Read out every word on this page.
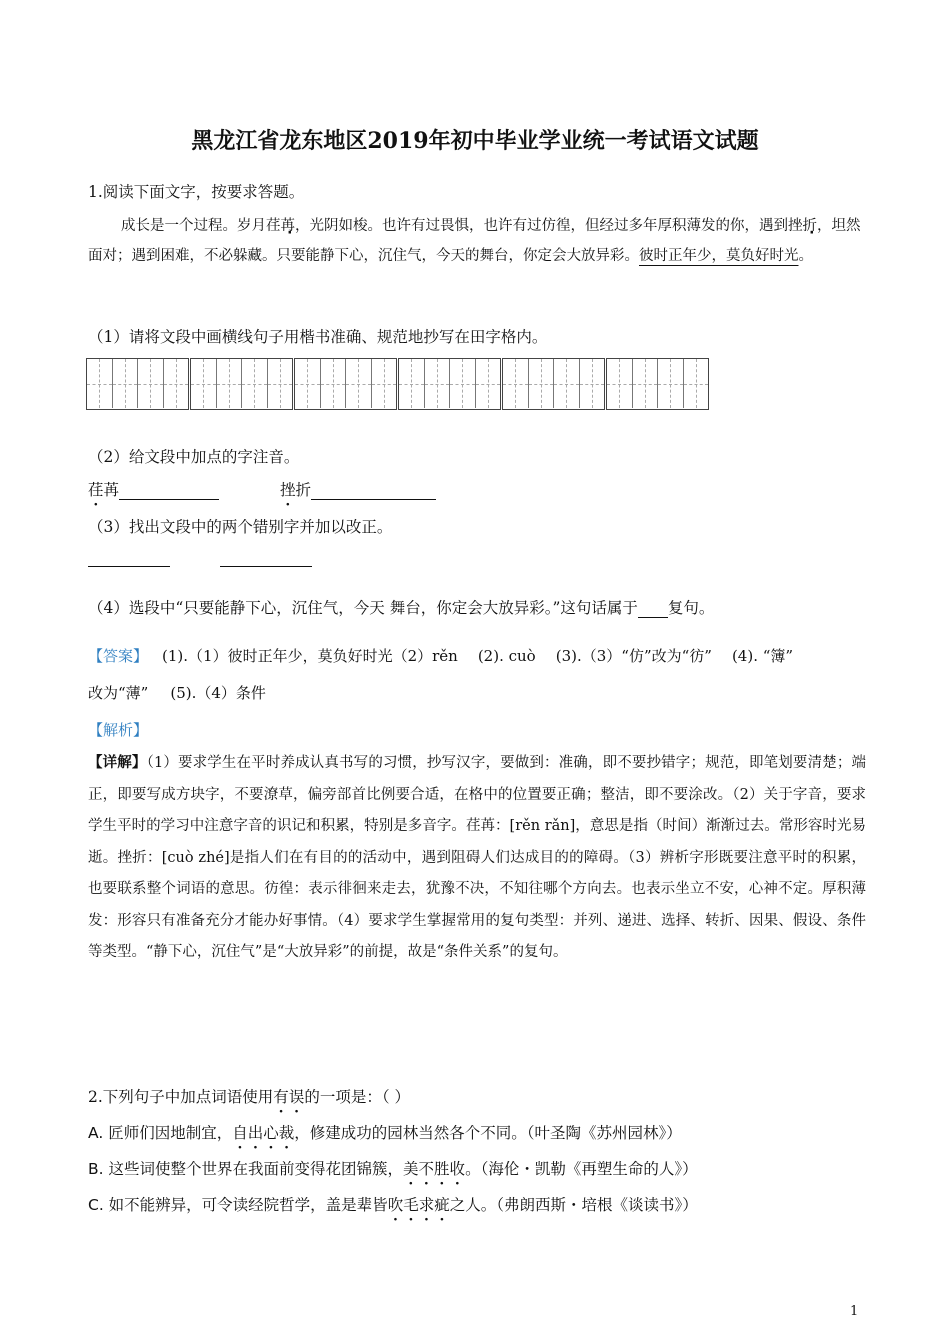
黑龙江省龙东地区2019年初中毕业学业统一考试语文试题
1.阅读下面文字，按要求答题。
成长是一个过程。岁月荏苒，光阴如梭。也许有过畏惧，也许有过仿徨，但经过多年厚积薄发的你，遇到挫折，坦然面对；遇到困难，不必躲藏。只要能静下心，沉住气，今天的舞台，你定会大放异彩。彼时正年少，莫负好时光。
（1）请将文段中画横线句子用楷书准确、规范地抄写在田字格内。
（2）给文段中加点的字注音。
荏苒	挫折
（3）找出文段中的两个错别字并加以改正。
（4）选段中“只要能静下心，沉住气，今天 舞台，你定会大放异彩。”这句话属于 复句。
【答案】 (1).（1）彼时正年少，莫负好时光（2）rěn (2). cuò (3).（3）“仿”改为“彷” (4). “簿”
改为“薄” (5).（4）条件
【解析】
【详解】（1）要求学生在平时养成认真书写的习惯，抄写汉字，要做到：准确，即不要抄错字；规范，即笔划要清楚；端正，即要写成方块字，不要潦草，偏旁部首比例要合适，在格中的位置要正确；整洁，即不要涂改。（2）关于字音，要求学生平时的学习中注意字音的识记和积累，特别是多音字。荏苒：[rěn rǎn]，意思是指（时间）渐渐过去。常形容时光易逝。挫折：[cuò zhé]是指人们在有目的的活动中，遇到阻碍人们达成目的的障碍。（3）辨析字形既要注意平时的积累，也要联系整个词语的意思。彷徨：表示徘徊来走去，犹豫不决，不知往哪个方向去。也表示坐立不安，心神不定。厚积薄发：形容只有准备充分才能办好事情。（4）要求学生掌握常用的复句类型：并列、递进、选择、转折、因果、假设、条件等类型。“静下心，沉住气”是“大放异彩”的前提，故是“条件关系”的复句。
2.下列句子中加点词语使用有误的一项是：（ ）
A. 匠师们因地制宜，自出心裁，修建成功的园林当然各个不同。（叶圣陶《苏州园林》）
B. 这些词使整个世界在我面前变得花团锦簇，美不胜收。（海伦・凯勒《再塑生命的人》）
C. 如不能辨异，可令读经院哲学，盖是辈皆吹毛求疵之人。（弗朗西斯・培根《谈读书》）
1
